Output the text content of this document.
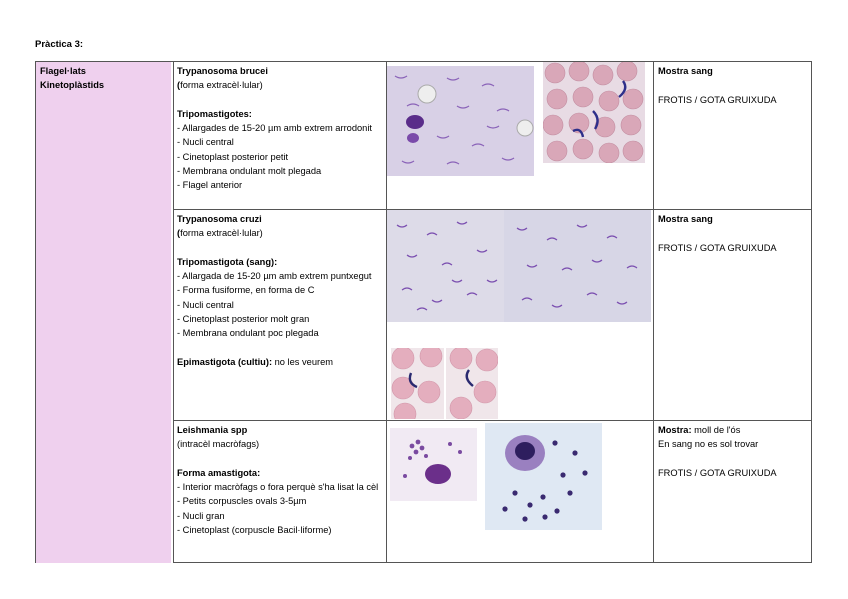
Pràctica 3:
Flagel·lats
Kinetoplàstids
Trypanosoma brucei
(forma extracèl·lular)
Tripomastigotes:
- Allargades de 15-20 µm amb extrem arrodonit
- Nucli central
- Cinetoplast posterior petit
- Membrana ondulant molt plegada
- Flagel anterior
Mostra sang
FROTIS / GOTA GRUIXUDA
Trypanosoma cruzi
(forma extracèl·lular)
Tripomastigota (sang):
- Allargada de 15-20 µm amb extrem puntxegut
- Forma fusiforme, en forma de C
- Nucli central
- Cinetoplast posterior molt gran
- Membrana ondulant poc plegada
Epimastigota (cultiu): no les veurem
Mostra sang
FROTIS / GOTA GRUIXUDA
Leishmania spp
(intracèl macròfags)
Forma amastigota:
- Interior macròfags o fora perquè s'ha lisat la cèl
- Petits corpuscles ovals 3-5µm
- Nucli gran
- Cinetoplast (corpuscle Bacil·liforme)
Mostra: moll de l'ós
En sang no es sol trovar
FROTIS / GOTA GRUIXUDA
